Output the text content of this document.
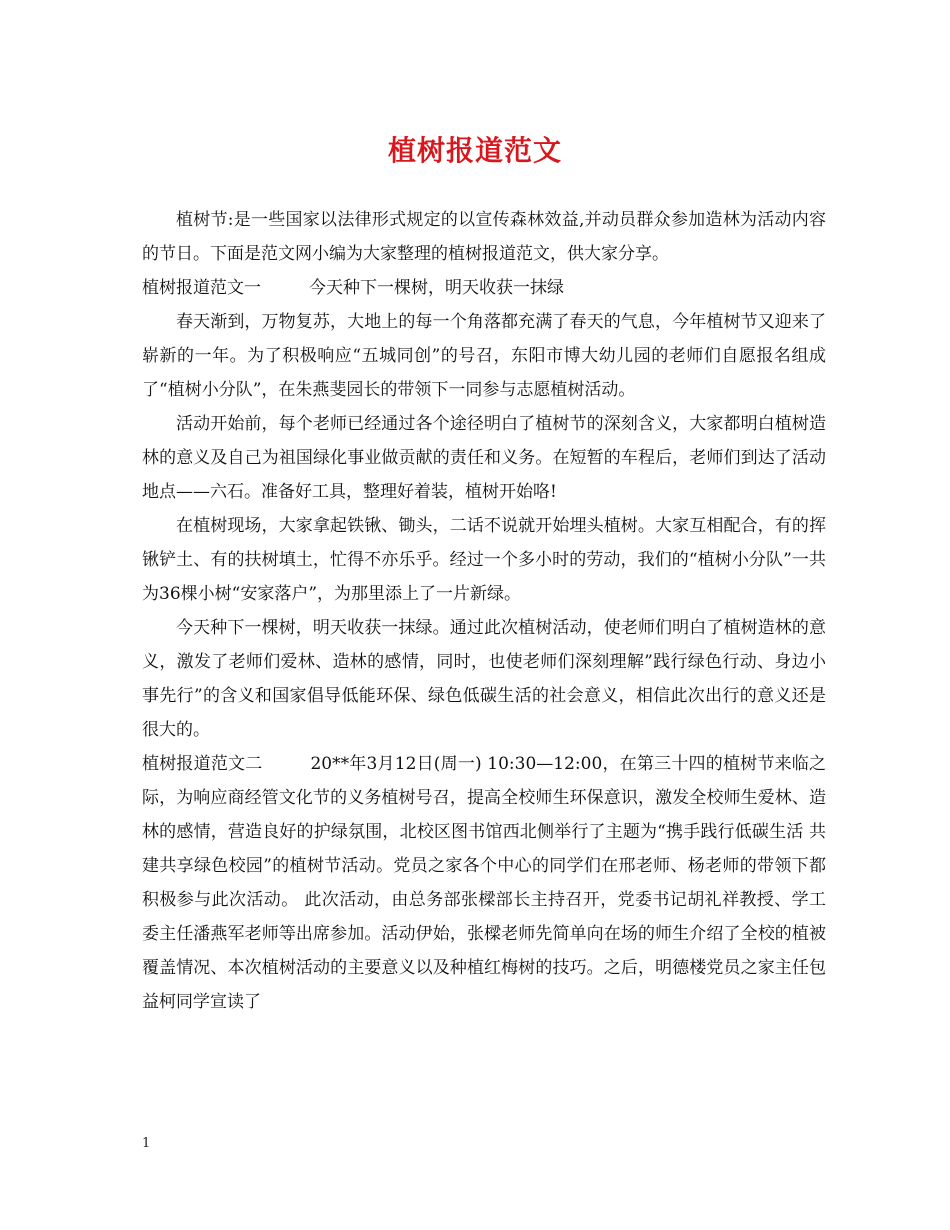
植树报道范文

植树节:是一些国家以法律形式规定的以宣传森林效益,并动员群众参加造林为活动内容的节日。下面是范文网小编为大家整理的植树报道范文，供大家分享。

植树报道范文一	今天种下一棵树，明天收获一抹绿

春天渐到，万物复苏，大地上的每一个角落都充满了春天的气息，今年植树节又迎来了崭新的一年。为了积极响应“五城同创”的号召，东阳市博大幼儿园的老师们自愿报名组成了“植树小分队”，在朱燕斐园长的带领下一同参与志愿植树活动。

活动开始前，每个老师已经通过各个途径明白了植树节的深刻含义，大家都明白植树造林的意义及自己为祖国绿化事业做贡献的责任和义务。在短暂的车程后，老师们到达了活动地点——六石。准备好工具，整理好着装，植树开始咯!

在植树现场，大家拿起铁锹、锄头，二话不说就开始埋头植树。大家互相配合，有的挥锹铲土、有的扶树填土，忙得不亦乐乎。经过一个多小时的劳动，我们的“植树小分队”一共为36棵小树“安家落户”，为那里添上了一片新绿。

今天种下一棵树，明天收获一抹绿。通过此次植树活动，使老师们明白了植树造林的意义，激发了老师们爱林、造林的感情，同时，也使老师们深刻理解”践行绿色行动、身边小事先行”的含义和国家倡导低能环保、绿色低碳生活的社会意义，相信此次出行的意义还是很大的。

植树报道范文二	20**年3月12日(周一) 10:30—12:00，在第三十四的植树节来临之际，为响应商经管文化节的义务植树号召，提高全校师生环保意识，激发全校师生爱林、造林的感情，营造良好的护绿氛围，北校区图书馆西北侧举行了主题为“携手践行低碳生活 共建共享绿色校园”的植树节活动。党员之家各个中心的同学们在邢老师、杨老师的带领下都积极参与此次活动。 此次活动，由总务部张樑部长主持召开，党委书记胡礼祥教授、学工委主任潘燕军老师等出席参加。活动伊始，张樑老师先简单向在场的师生介绍了全校的植被覆盖情况、本次植树活动的主要意义以及种植红梅树的技巧。之后，明德楼党员之家主任包益柯同学宣读了

1
